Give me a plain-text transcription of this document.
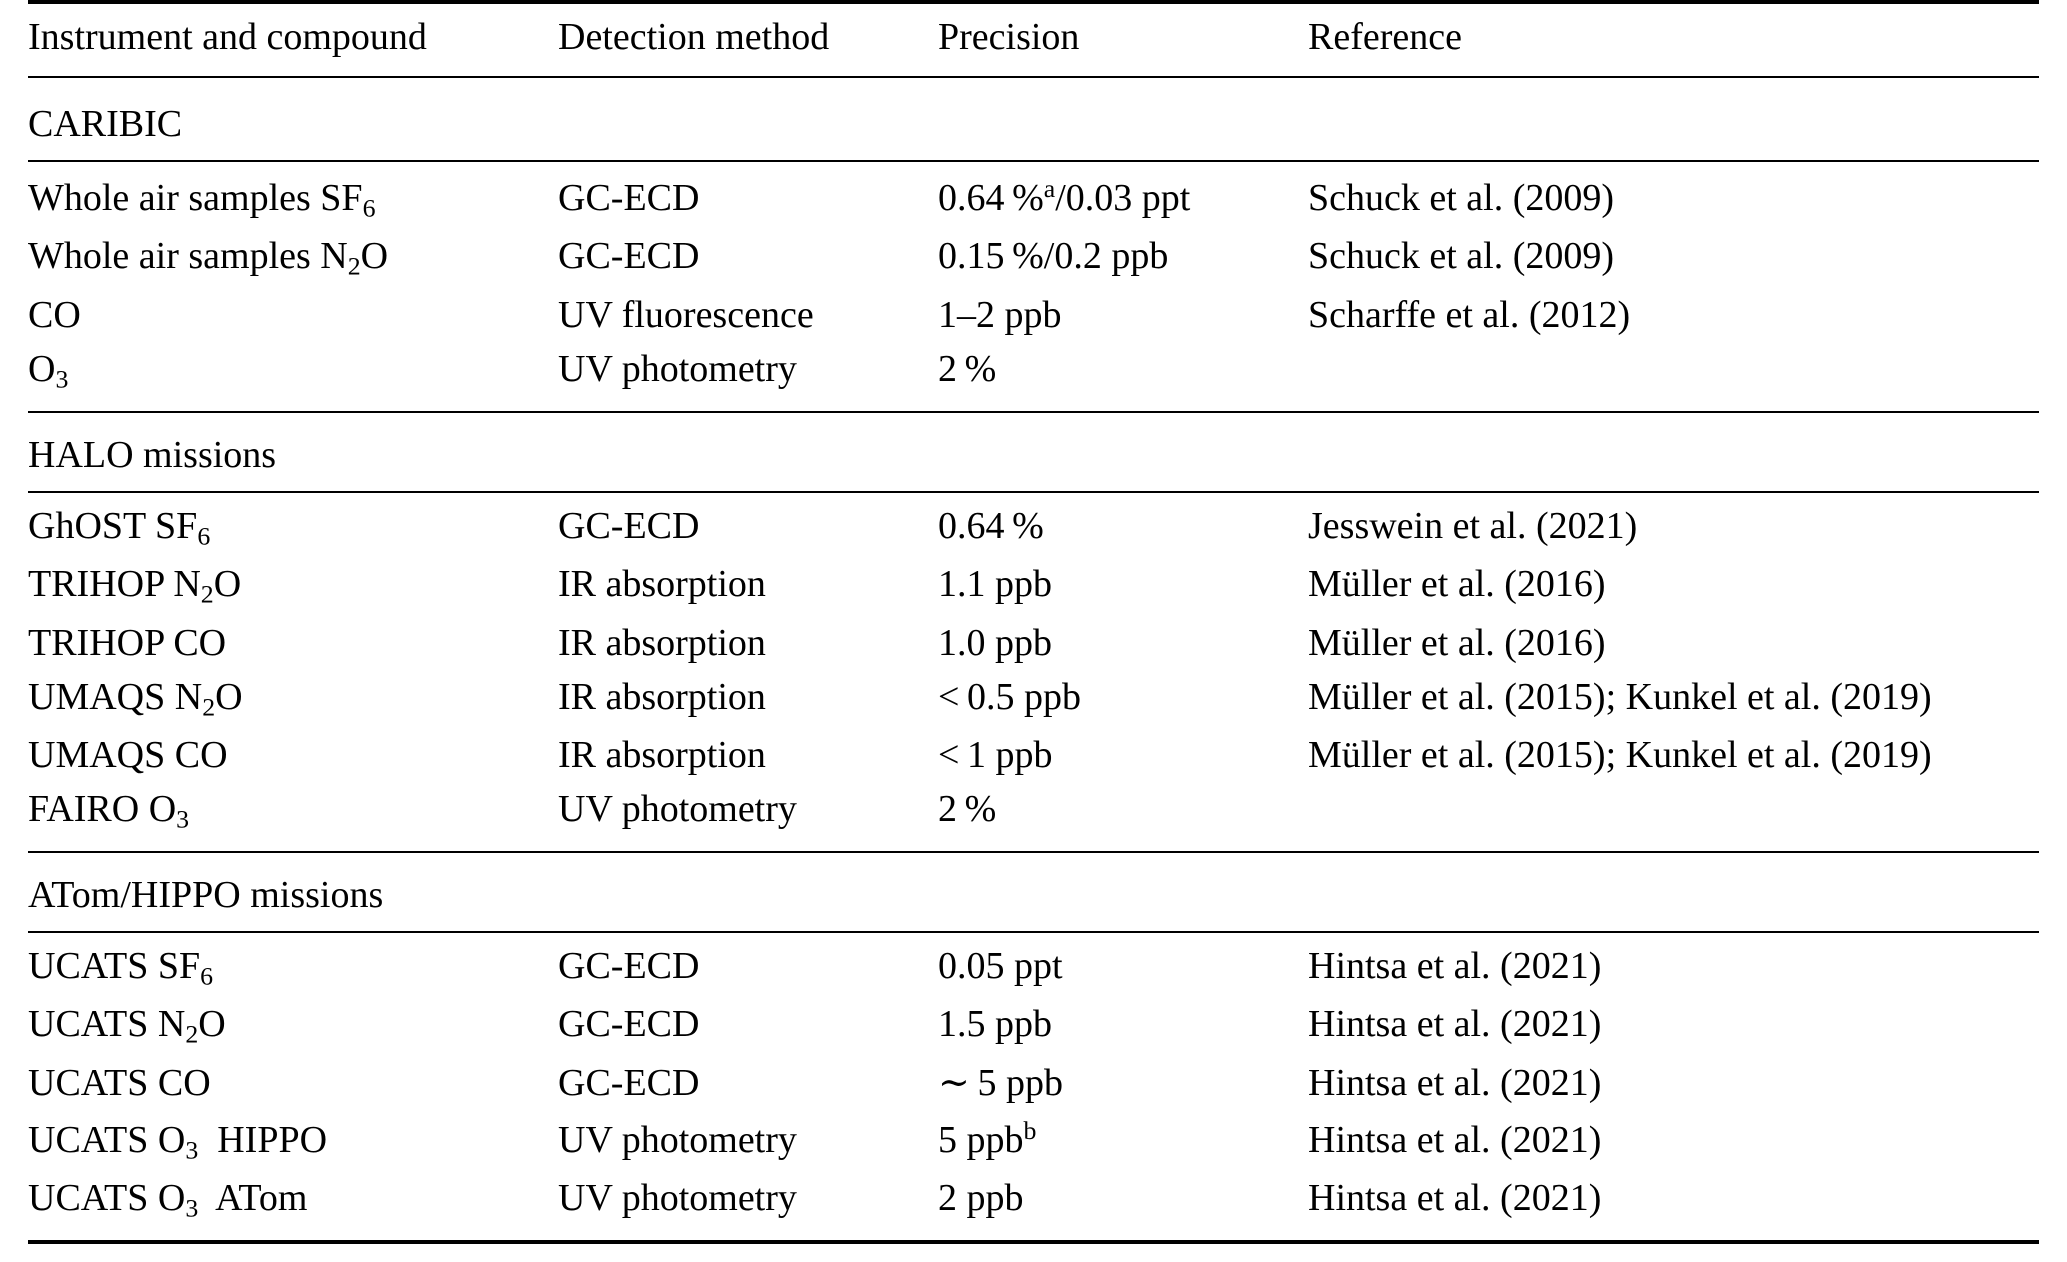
Instrument and compound	Detection method	Precision	Reference

CARIBIC			

Whole air samples $SF_6$	GC-ECD	0.64 %$^a$/0.03 ppt	Schuck et al. (2009)
Whole air samples $N_2O$	GC-ECD	0.15 %/0.2 ppb	Schuck et al. (2009)
CO	UV fluorescence	1–2 ppb	Scharffe et al. (2012)
$O_3$	UV photometry	2 %	

HALO missions			

GhOST $SF_6$	GC-ECD	0.64 %	Jesswein et al. (2021)
TRIHOP $N_2O$	IR absorption	1.1 ppb	Müller et al. (2016)
TRIHOP CO	IR absorption	1.0 ppb	Müller et al. (2016)
UMAQS $N_2O$	IR absorption	< 0.5 ppb	Müller et al. (2015); Kunkel et al. (2019)
UMAQS CO	IR absorption	< 1 ppb	Müller et al. (2015); Kunkel et al. (2019)
FAIRO $O_3$	UV photometry	2 %	

ATom/HIPPO missions			

UCATS $SF_6$	GC-ECD	0.05 ppt	Hintsa et al. (2021)
UCATS $N_2O$	GC-ECD	1.5 ppb	Hintsa et al. (2021)
UCATS CO	GC-ECD	∼ 5 ppb	Hintsa et al. (2021)
UCATS $O_3$  HIPPO	UV photometry	5 ppb$^b$	Hintsa et al. (2021)
UCATS $O_3$  ATom	UV photometry	2 ppb	Hintsa et al. (2021)
